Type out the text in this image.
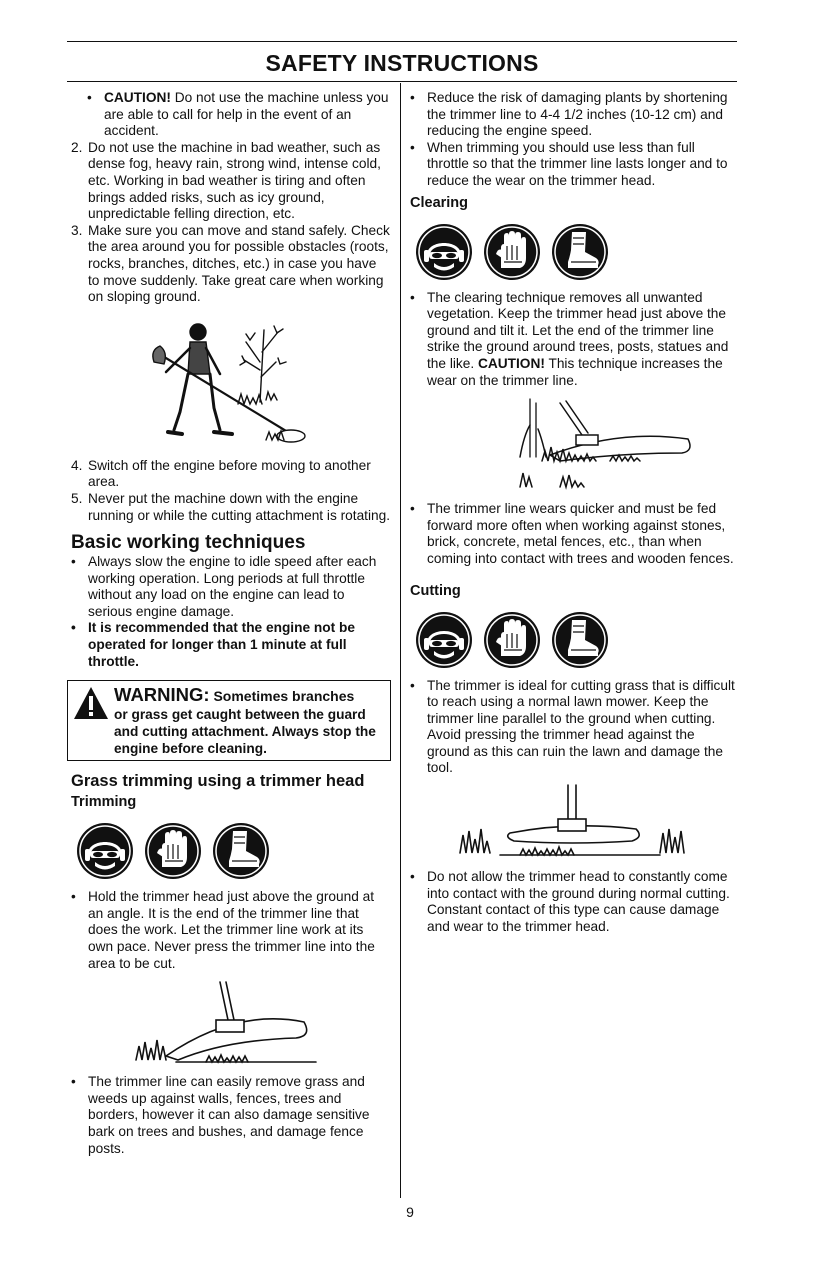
SAFETY INSTRUCTIONS
• CAUTION! Do not use the machine unless you are able to call for help in the event of an accident.
2. Do not use the machine in bad weather, such as dense fog, heavy rain, strong wind, intense cold, etc. Working in bad weather is tiring and often brings added risks, such as icy ground, unpredictable felling direction, etc.
3. Make sure you can move and stand safely. Check the area around you for possible obstacles (roots, rocks, branches, ditches, etc.) in case you have to move suddenly. Take great care when working on sloping ground.
4. Switch off the engine before moving to another area.
5. Never put the machine down with the engine running or while the cutting attachment is rotating.
Basic working techniques
• Always slow the engine to idle speed after each working operation. Long periods at full throttle without any load on the engine can lead to serious engine damage.
• It is recommended that the engine not be operated for longer than 1 minute at full throttle.
WARNING: Sometimes branches
or grass get caught between the guard and cutting attachment. Always stop the engine before cleaning.
Grass trimming using a trimmer head
Trimming
• Hold the trimmer head just above the ground at an angle. It is the end of the trimmer line that does the work. Let the trimmer line work at its own pace. Never press the trimmer line into the area to be cut.
• The trimmer line can easily remove grass and weeds up against walls, fences, trees and borders, however it can also damage sensitive bark on trees and bushes, and damage fence posts.
• Reduce the risk of damaging plants by shortening the trimmer line to 4-4 1/2 inches (10-12 cm) and reducing the engine speed.
• When trimming you should use less than full throttle so that the trimmer line lasts longer and to reduce the wear on the trimmer head.
Clearing
• The clearing technique removes all unwanted vegetation. Keep the trimmer head just above the ground and tilt it. Let the end of the trimmer line strike the ground around trees, posts, statues and the like. CAUTION! This technique increases the wear on the trimmer line.
• The trimmer line wears quicker and must be fed forward more often when working against stones, brick, concrete, metal fences, etc., than when coming into contact with trees and wooden fences.
Cutting
• The trimmer is ideal for cutting grass that is difficult to reach using a normal lawn mower. Keep the trimmer line parallel to the ground when cutting. Avoid pressing the trimmer head against the ground as this can ruin the lawn and damage the tool.
• Do not allow the trimmer head to constantly come into contact with the ground during normal cutting. Constant contact of this type can cause damage and wear to the trimmer head.
9
